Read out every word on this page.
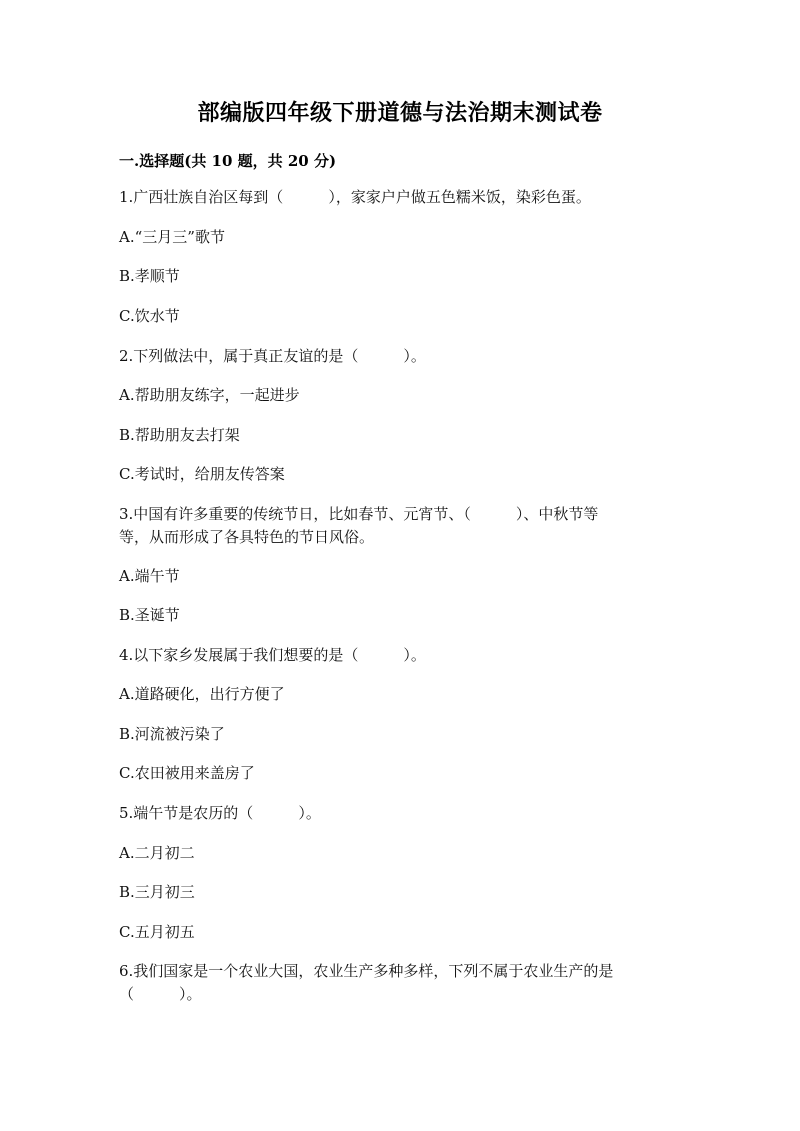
部编版四年级下册道德与法治期末测试卷
一.选择题(共 10 题，共 20 分)
1.广西壮族自治区每到（　　　），家家户户做五色糯米饭，染彩色蛋。
A.“三月三”歌节
B.孝顺节
C.饮水节
2.下列做法中，属于真正友谊的是（　　　）。
A.帮助朋友练字，一起进步
B.帮助朋友去打架
C.考试时，给朋友传答案
3.中国有许多重要的传统节日，比如春节、元宵节、（　　　）、中秋节等
等，从而形成了各具特色的节日风俗。
A.端午节
B.圣诞节
4.以下家乡发展属于我们想要的是（　　　）。
A.道路硬化，出行方便了
B.河流被污染了
C.农田被用来盖房了
5.端午节是农历的（　　　）。
A.二月初二
B.三月初三
C.五月初五
6.我们国家是一个农业大国，农业生产多种多样，下列不属于农业生产的是
（　　　）。
